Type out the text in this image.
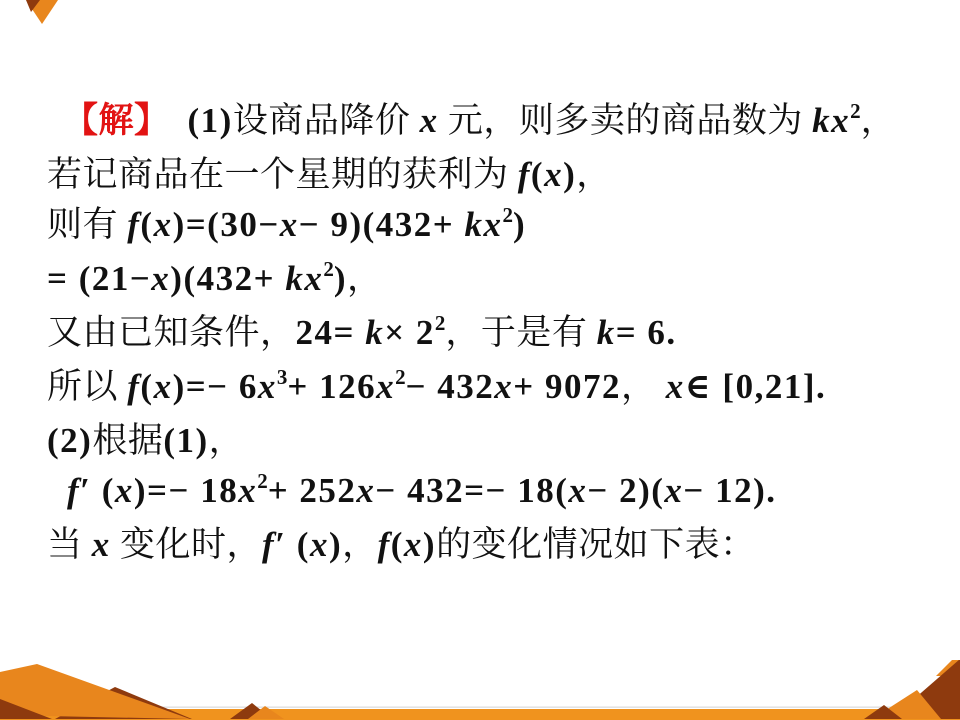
【解】　 (1)设商品降价 x 元，则多卖的商品数为 $kx^2$，
若记商品在一个星期的获利为 f(x)，
则有 $f(x)=(30-x- 9)(432+ kx^2)$
= $(21-x)(432+ kx^2)$，
又由已知条件，$24= k\times 2^2$，于是有 k= 6.
所以 $f(x)=- 6x^3+ 126x^2- 432x+ 9072$， x∈ [0,21].
(2)根据(1)，
f′ $(x)=- 18x^2+ 252x- 432=- 18(x- 2)(x- 12)$.
当 x 变化时，f′ (x)，f(x)的变化情况如下表：
